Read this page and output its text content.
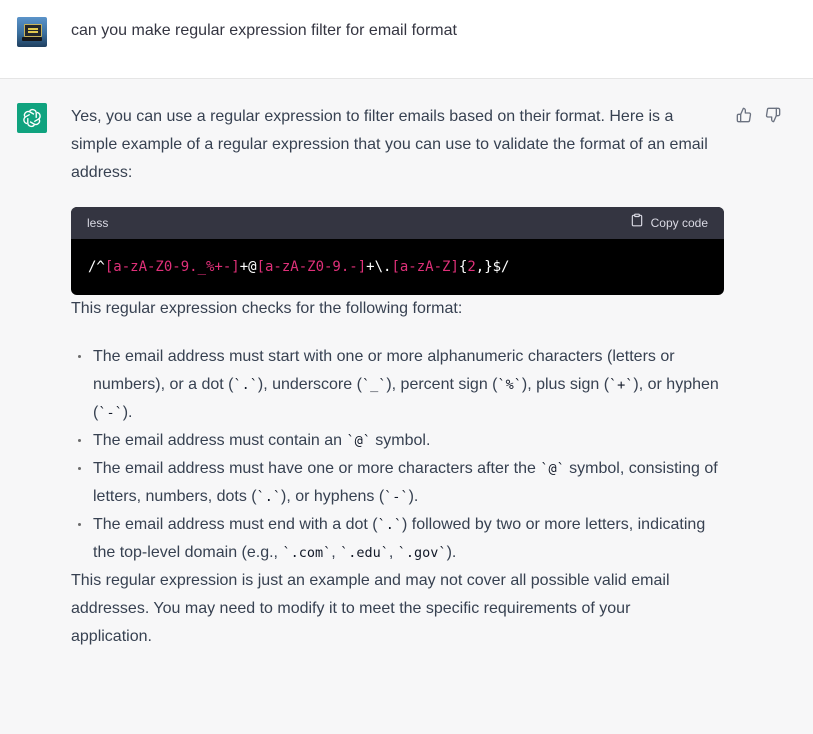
can you make regular expression filter for email format

Yes, you can use a regular expression to filter emails based on their format. Here is a simple example of a regular expression that you can use to validate the format of an email address:

less	Copy code
/^ [a-zA-Z0-9._%+-] +@ [a-zA-Z0-9.-] +\. [a-zA-Z] { 2 ,}$/

This regular expression checks for the following format:

The email address must start with one or more alphanumeric characters (letters or numbers), or a dot (`.`), underscore (`_`), percent sign (`%`), plus sign (`+`), or hyphen (`-`).
The email address must contain an `@` symbol.
The email address must have one or more characters after the `@` symbol, consisting of letters, numbers, dots (`.`), or hyphens (`-`).
The email address must end with a dot (`.`) followed by two or more letters, indicating the top-level domain (e.g., `.com`, `.edu`, `.gov`).

This regular expression is just an example and may not cover all possible valid email addresses. You may need to modify it to meet the specific requirements of your application.
